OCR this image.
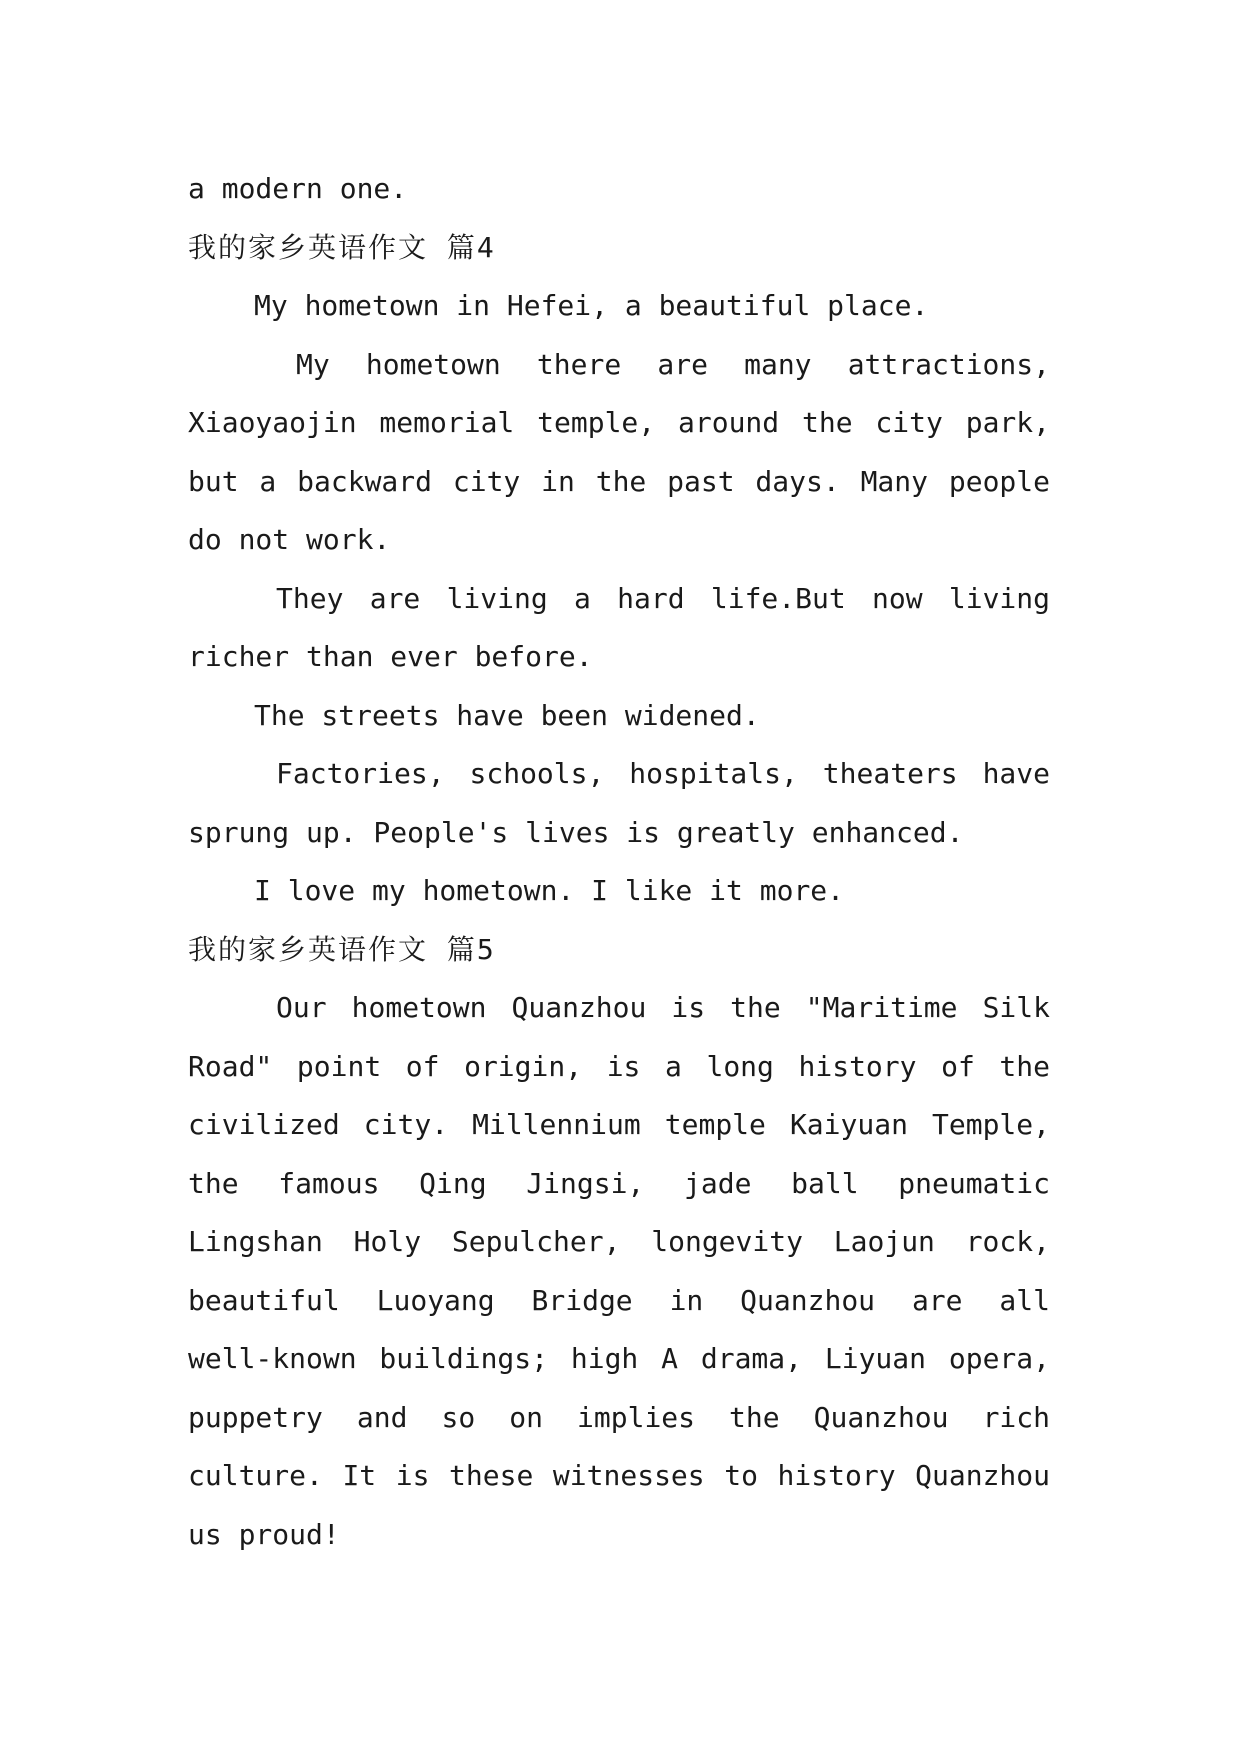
a modern one.
我的家乡英语作文 篇4
My hometown in Hefei, a beautiful place.
My hometown there are many attractions,
Xiaoyaojin memorial temple, around the city park,
but a backward city in the past days. Many people
do not work.
They are living a hard life.But now living
richer than ever before.
The streets have been widened.
Factories, schools, hospitals, theaters have
sprung up. People's lives is greatly enhanced.
I love my hometown. I like it more.
我的家乡英语作文 篇5
Our hometown Quanzhou is the "Maritime Silk
Road" point of origin, is a long history of the
civilized city. Millennium temple Kaiyuan Temple,
the famous Qing Jingsi, jade ball pneumatic
Lingshan Holy Sepulcher, longevity Laojun rock,
beautiful Luoyang Bridge in Quanzhou are all
well-known buildings; high A drama, Liyuan opera,
puppetry and so on implies the Quanzhou rich
culture. It is these witnesses to history Quanzhou
us proud!
